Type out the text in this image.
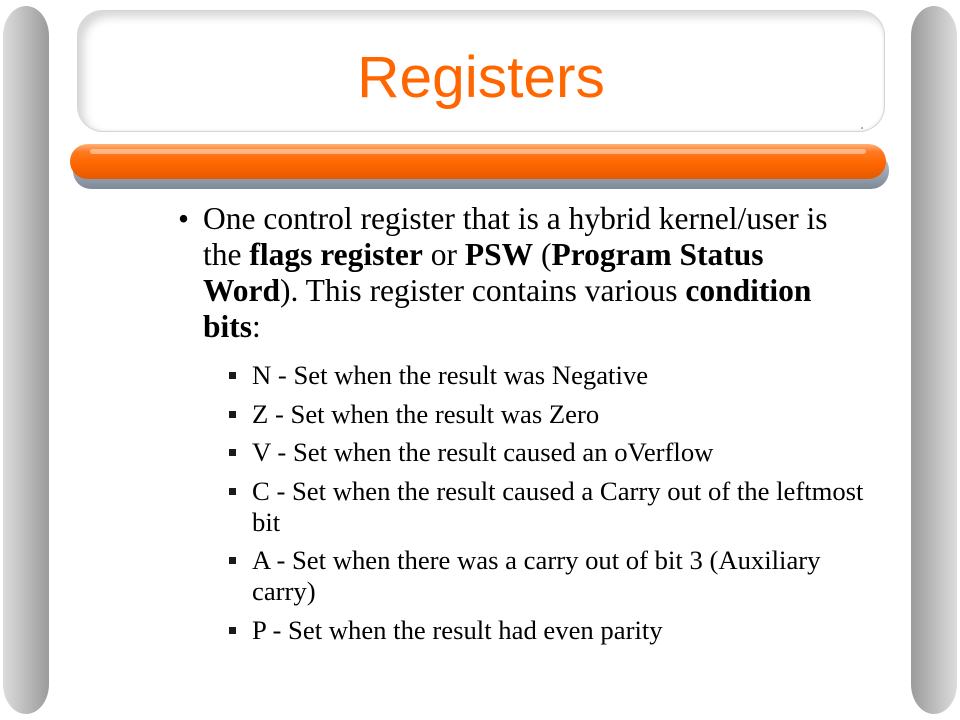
Registers
• One control register that is a hybrid kernel/user is the flags register or PSW (Program Status Word). This register contains various condition bits:
N - Set when the result was Negative
Z - Set when the result was Zero
V - Set when the result caused an oVerflow
C - Set when the result caused a Carry out of the leftmost bit
A - Set when there was a carry out of bit 3 (Auxiliary carry)
P - Set when the result had even parity
